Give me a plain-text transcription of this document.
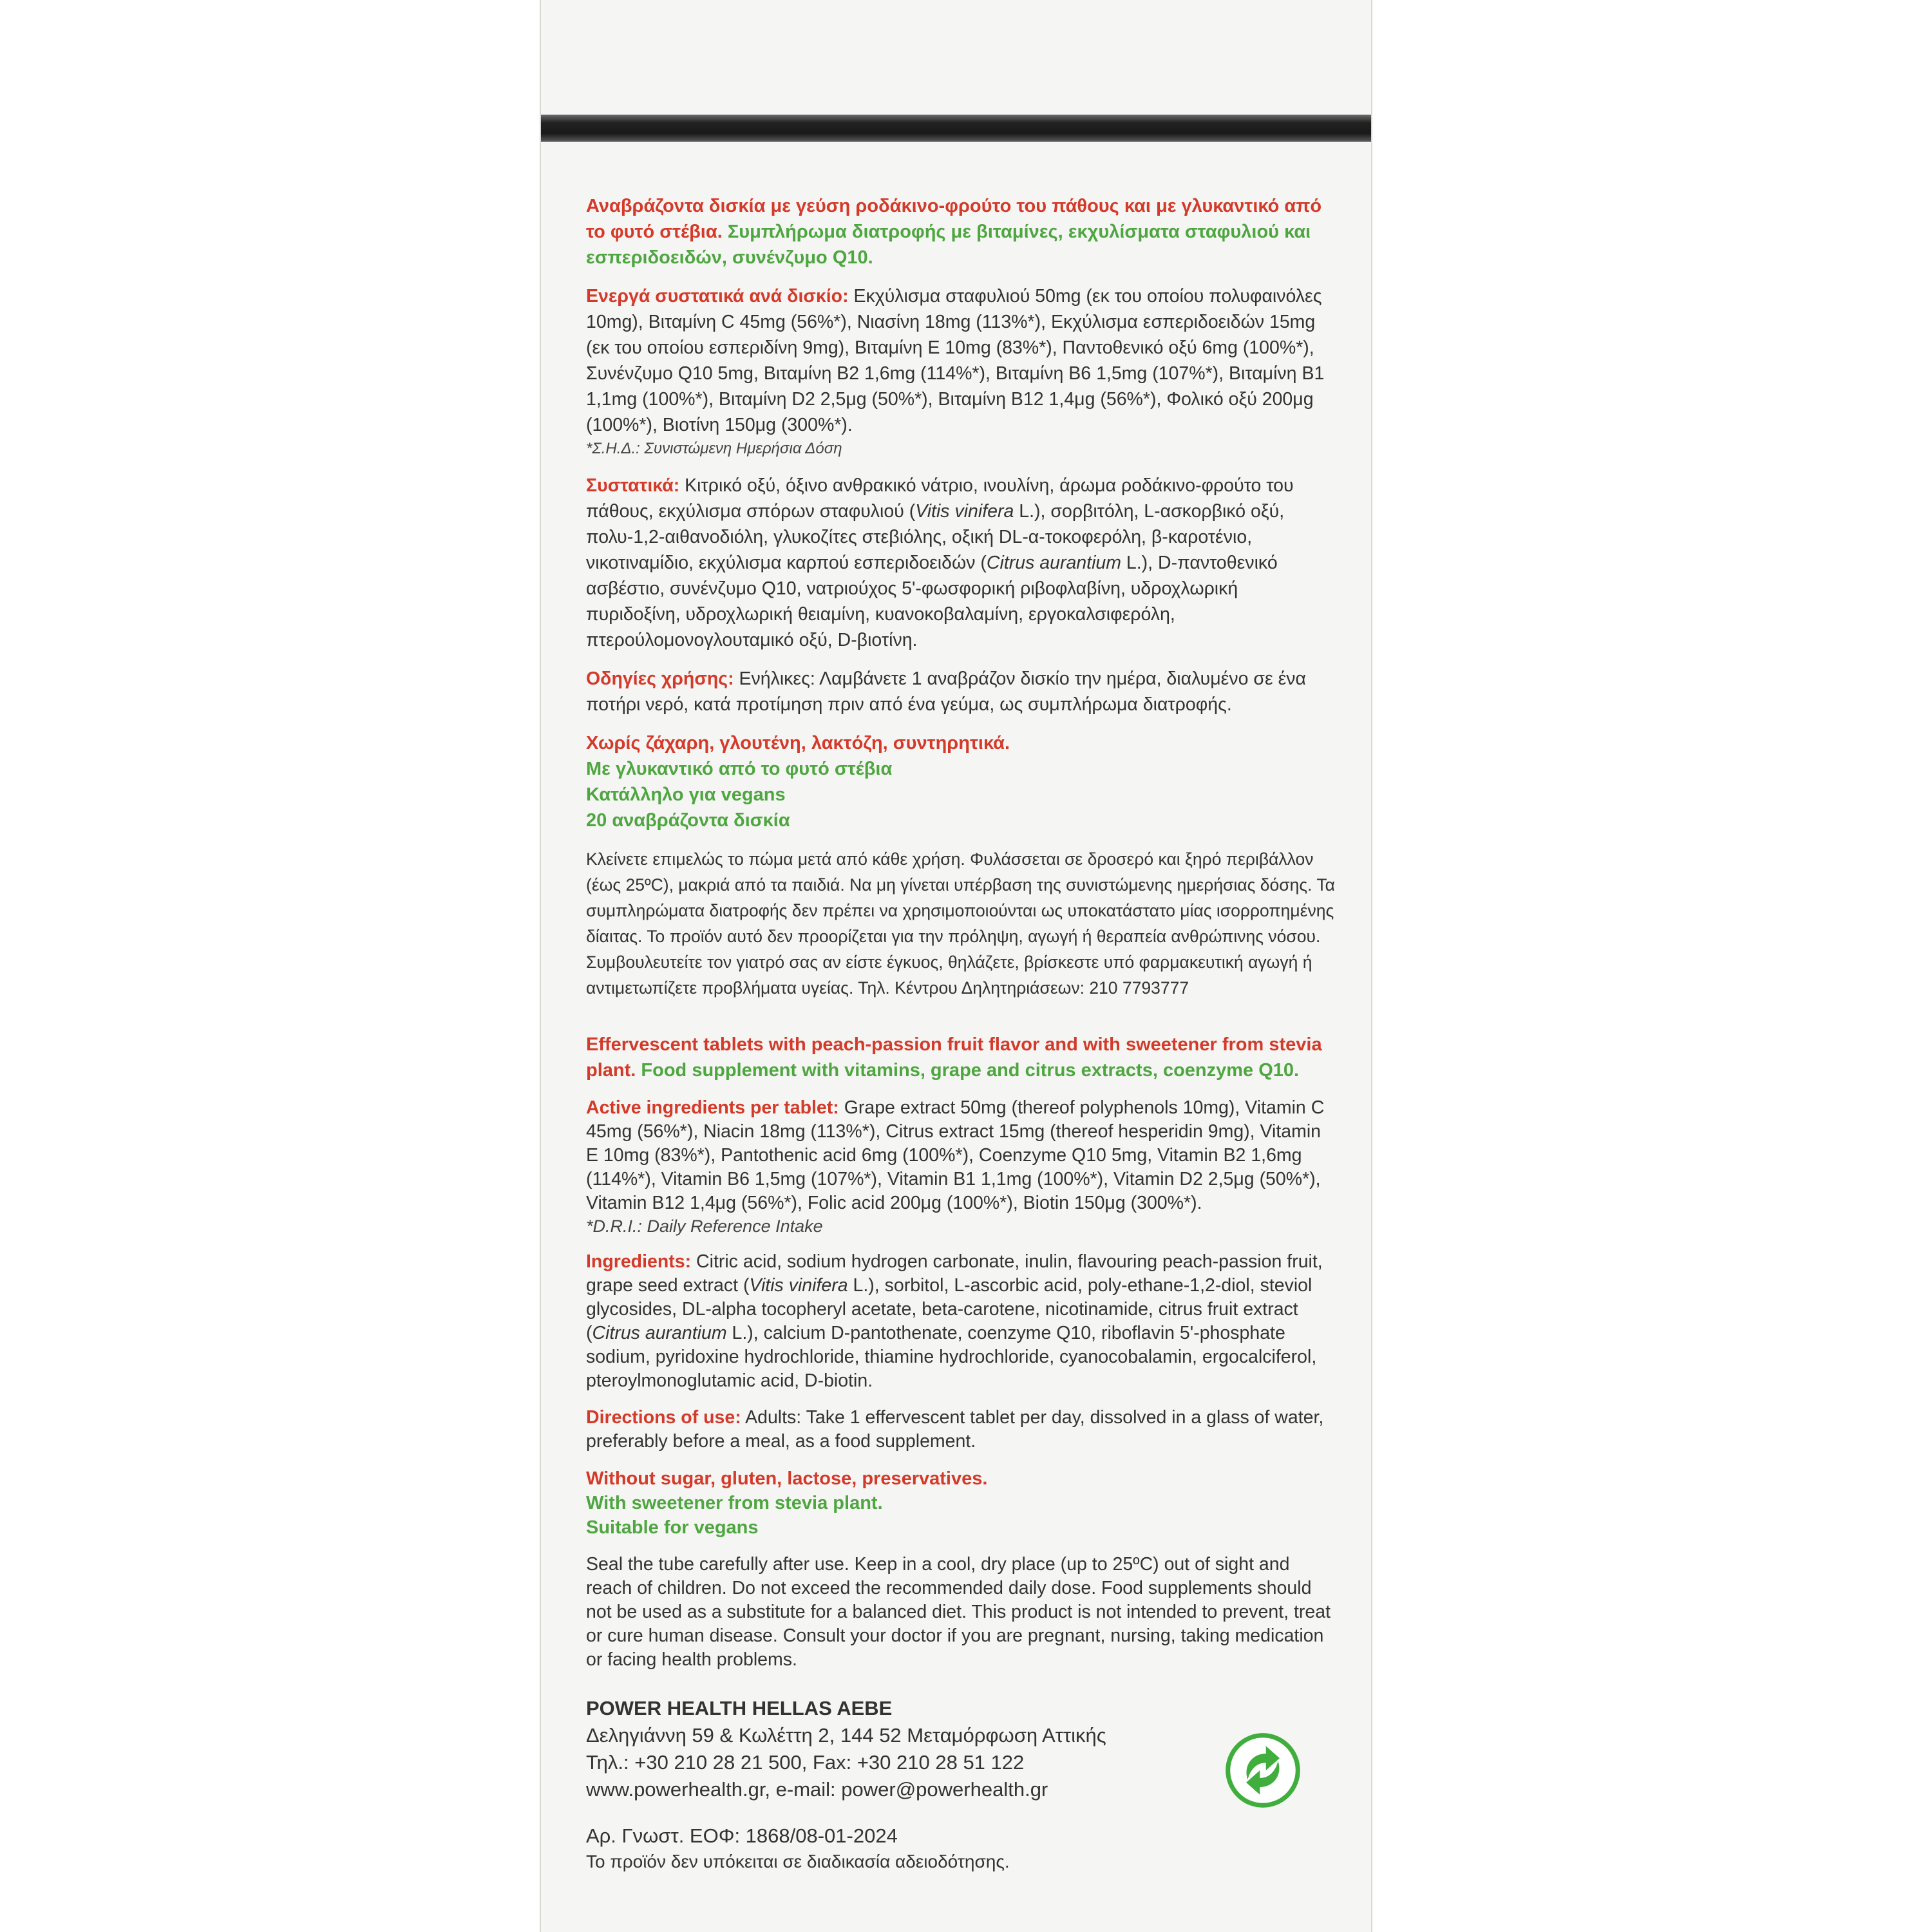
Αναβράζοντα δισκία με γεύση ροδάκινο-φρούτο του πάθους και με γλυκαντικό από το φυτό στέβια. Συμπλήρωμα διατροφής με βιταμίνες, εκχυλίσματα σταφυλιού και εσπεριδοειδών, συνένζυμο Q10.
Ενεργά συστατικά ανά δισκίο: Εκχύλισμα σταφυλιού 50mg (εκ του οποίου πολυφαινόλες 10mg), Βιταμίνη C 45mg (56%*), Νιασίνη 18mg (113%*), Εκχύλισμα εσπεριδοειδών 15mg (εκ του οποίου εσπεριδίνη 9mg), Βιταμίνη Ε 10mg (83%*), Παντοθενικό οξύ 6mg (100%*), Συνένζυμο Q10 5mg, Βιταμίνη Β2 1,6mg (114%*), Βιταμίνη Β6 1,5mg (107%*), Βιταμίνη Β1 1,1mg (100%*), Βιταμίνη D2 2,5μg (50%*), Βιταμίνη Β12 1,4μg (56%*), Φολικό οξύ 200μg (100%*), Βιοτίνη 150μg (300%*).
*Σ.Η.Δ.: Συνιστώμενη Ημερήσια Δόση
Συστατικά: Κιτρικό οξύ, όξινο ανθρακικό νάτριο, ινουλίνη, άρωμα ροδάκινο-φρούτο του πάθους, εκχύλισμα σπόρων σταφυλιού (Vitis vinifera L.), σορβιτόλη, L-ασκορβικό οξύ, πολυ-1,2-αιθανοδιόλη, γλυκοζίτες στεβιόλης, οξική DL-α-τοκοφερόλη, β-καροτένιο, νικοτιναμίδιο, εκχύλισμα καρπού εσπεριδοειδών (Citrus aurantium L.), D-παντοθενικό ασβέστιο, συνένζυμο Q10, νατριούχος 5'-φωσφορική ριβοφλαβίνη, υδροχλωρική πυριδοξίνη, υδροχλωρική θειαμίνη, κυανοκοβαλαμίνη, εργοκαλσιφερόλη, πτερούλομονογλουταμικό οξύ, D-βιοτίνη.
Οδηγίες χρήσης: Ενήλικες: Λαμβάνετε 1 αναβράζον δισκίο την ημέρα, διαλυμένο σε ένα ποτήρι νερό, κατά προτίμηση πριν από ένα γεύμα, ως συμπλήρωμα διατροφής.
Χωρίς ζάχαρη, γλουτένη, λακτόζη, συντηρητικά.
Με γλυκαντικό από το φυτό στέβια
Κατάλληλο για vegans
20 αναβράζοντα δισκία
Κλείνετε επιμελώς το πώμα μετά από κάθε χρήση. Φυλάσσεται σε δροσερό και ξηρό περιβάλλον (έως 25ºC), μακριά από τα παιδιά. Να μη γίνεται υπέρβαση της συνιστώμενης ημερήσιας δόσης. Τα συμπληρώματα διατροφής δεν πρέπει να χρησιμοποιούνται ως υποκατάστατο μίας ισορροπημένης δίαιτας. Το προϊόν αυτό δεν προορίζεται για την πρόληψη, αγωγή ή θεραπεία ανθρώπινης νόσου. Συμβουλευτείτε τον γιατρό σας αν είστε έγκυος, θηλάζετε, βρίσκεστε υπό φαρμακευτική αγωγή ή αντιμετωπίζετε προβλήματα υγείας. Τηλ. Κέντρου Δηλητηριάσεων: 210 7793777
Effervescent tablets with peach-passion fruit flavor and with sweetener from stevia plant. Food supplement with vitamins, grape and citrus extracts, coenzyme Q10.
Active ingredients per tablet: Grape extract 50mg (thereof polyphenols 10mg), Vitamin C 45mg (56%*), Niacin 18mg (113%*), Citrus extract 15mg (thereof hesperidin 9mg), Vitamin E 10mg (83%*), Pantothenic acid 6mg (100%*), Coenzyme Q10 5mg, Vitamin B2 1,6mg (114%*), Vitamin B6 1,5mg (107%*), Vitamin B1 1,1mg (100%*), Vitamin D2 2,5μg (50%*), Vitamin B12 1,4μg (56%*), Folic acid 200μg (100%*), Biotin 150μg (300%*).
*D.R.I.: Daily Reference Intake
Ingredients: Citric acid, sodium hydrogen carbonate, inulin, flavouring peach-passion fruit, grape seed extract (Vitis vinifera L.), sorbitol, L-ascorbic acid, poly-ethane-1,2-diol, steviol glycosides, DL-alpha tocopheryl acetate, beta-carotene, nicotinamide, citrus fruit extract (Citrus aurantium L.), calcium D-pantothenate, coenzyme Q10, riboflavin 5'-phosphate sodium, pyridoxine hydrochloride, thiamine hydrochloride, cyanocobalamin, ergocalciferol, pteroylmonoglutamic acid, D-biotin.
Directions of use: Adults: Take 1 effervescent tablet per day, dissolved in a glass of water, preferably before a meal, as a food supplement.
Without sugar, gluten, lactose, preservatives.
With sweetener from stevia plant.
Suitable for vegans
Seal the tube carefully after use. Keep in a cool, dry place (up to 25ºC) out of sight and reach of children. Do not exceed the recommended daily dose. Food supplements should not be used as a substitute for a balanced diet. This product is not intended to prevent, treat or cure human disease. Consult your doctor if you are pregnant, nursing, taking medication or facing health problems.
POWER HEALTH HELLAS AEBE
Δεληγιάννη 59 & Κωλέττη 2, 144 52 Μεταμόρφωση Αττικής
Τηλ.: +30 210 28 21 500, Fax: +30 210 28 51 122
www.powerhealth.gr, e-mail: power@powerhealth.gr
Αρ. Γνωστ. ΕΟΦ: 1868/08-01-2024
Το προϊόν δεν υπόκειται σε διαδικασία αδειοδότησης.
